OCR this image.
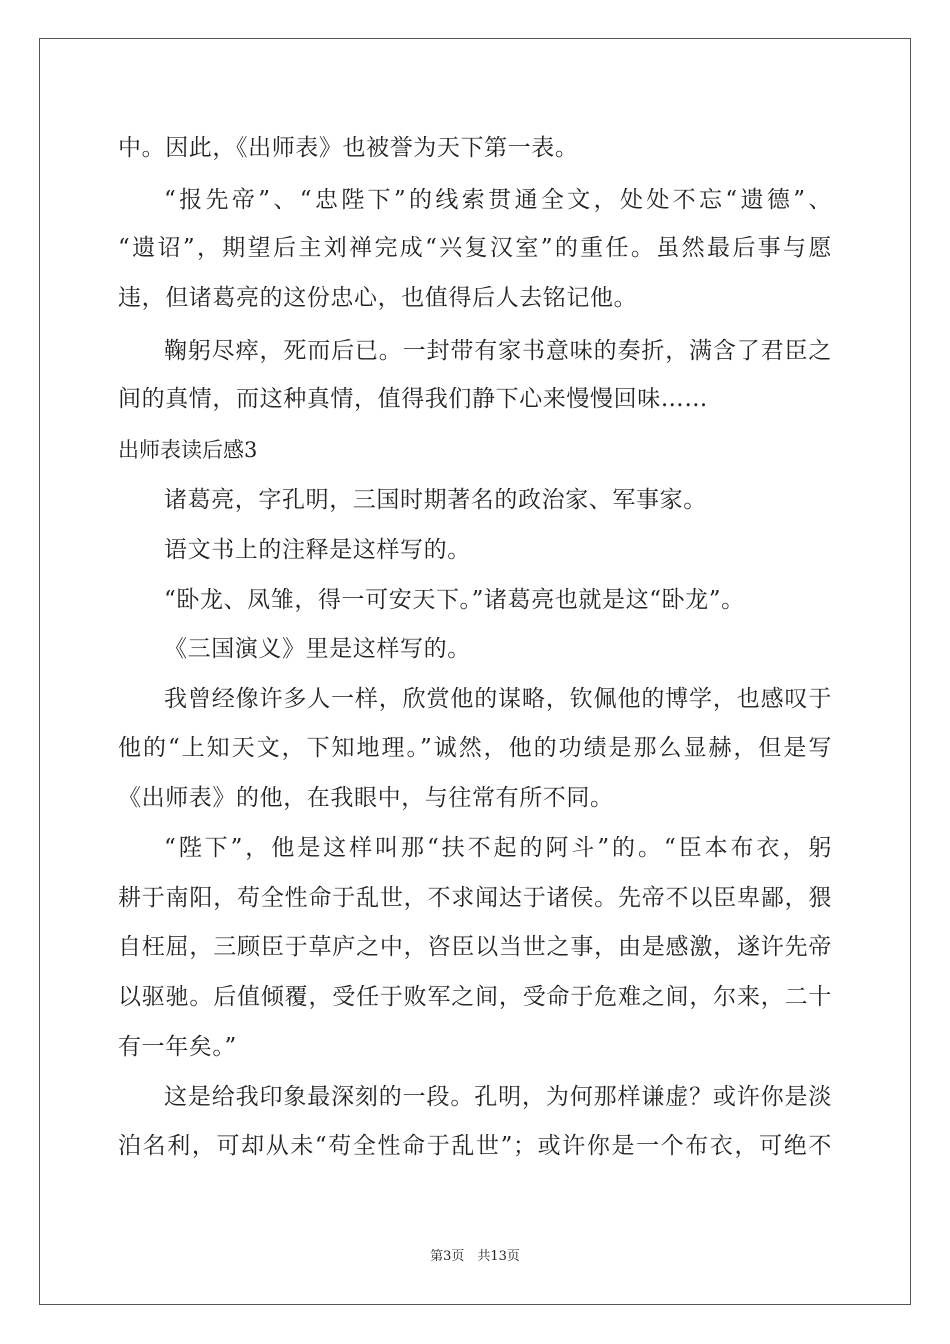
中。因此，《出师表》也被誉为天下第一表。
“报先帝”、“忠陛下”的线索贯通全文，处处不忘“遗德”、
“遗诏”，期望后主刘禅完成“兴复汉室”的重任。虽然最后事与愿
违，但诸葛亮的这份忠心，也值得后人去铭记他。
鞠躬尽瘁，死而后已。一封带有家书意味的奏折，满含了君臣之
间的真情，而这种真情，值得我们静下心来慢慢回味……
出师表读后感3
诸葛亮，字孔明，三国时期著名的政治家、军事家。
语文书上的注释是这样写的。
“卧龙、凤雏，得一可安天下。”诸葛亮也就是这“卧龙”。
《三国演义》里是这样写的。
我曾经像许多人一样，欣赏他的谋略，钦佩他的博学，也感叹于
他的“上知天文，下知地理。”诚然，他的功绩是那么显赫，但是写
《出师表》的他，在我眼中，与往常有所不同。
“陛下”，他是这样叫那“扶不起的阿斗”的。“臣本布衣，躬
耕于南阳，苟全性命于乱世，不求闻达于诸侯。先帝不以臣卑鄙，猥
自枉屈，三顾臣于草庐之中，咨臣以当世之事，由是感激，遂许先帝
以驱驰。后值倾覆，受任于败军之间，受命于危难之间，尔来，二十
有一年矣。”
这是给我印象最深刻的一段。孔明，为何那样谦虚？或许你是淡
泊名利，可却从未“苟全性命于乱世”；或许你是一个布衣，可绝不
第3页　共13页
